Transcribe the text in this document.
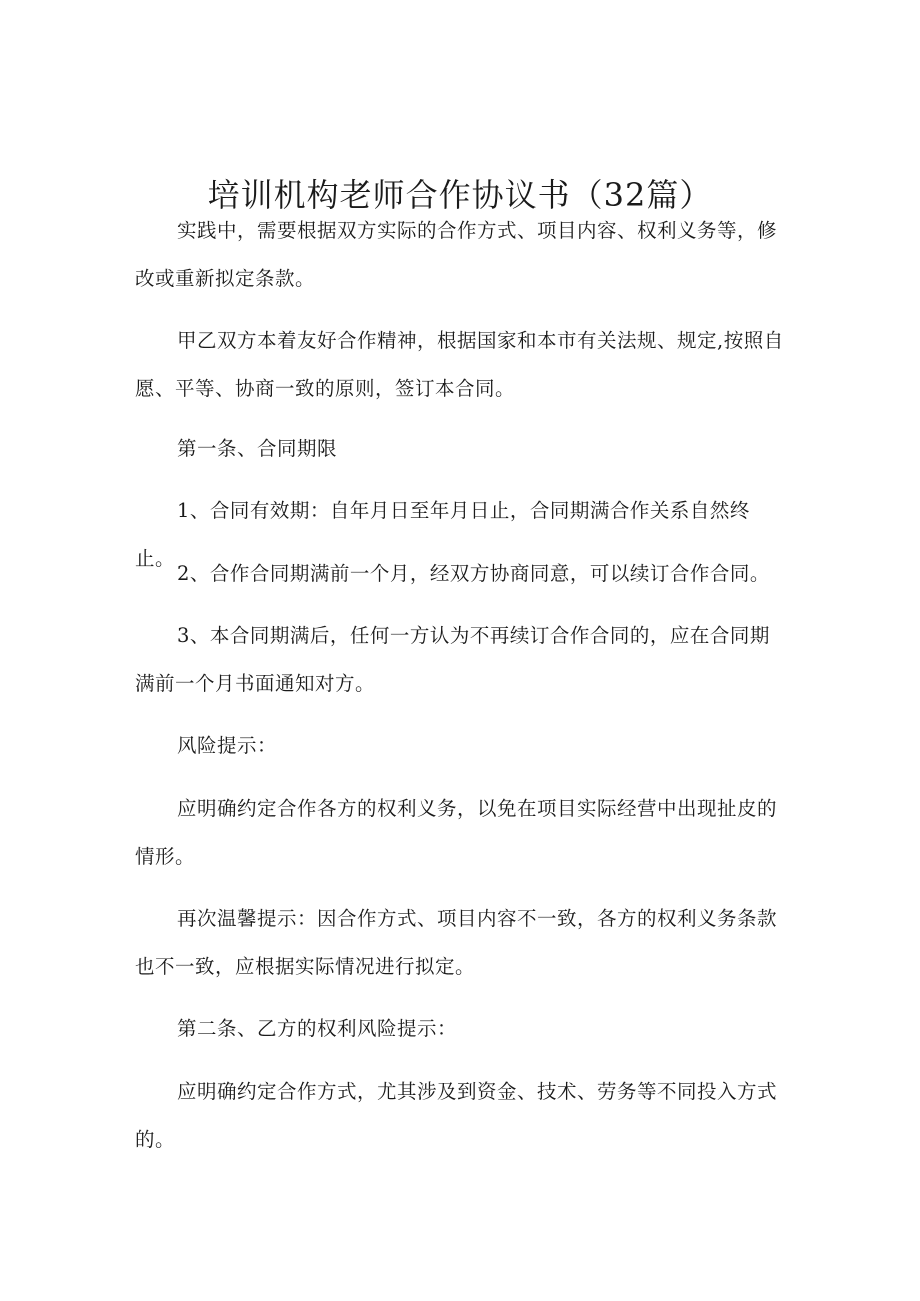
培训机构老师合作协议书（32篇）

实践中，需要根据双方实际的合作方式、项目内容、权利义务等，修改或重新拟定条款。

甲乙双方本着友好合作精神，根据国家和本市有关法规、规定,按照自愿、平等、协商一致的原则，签订本合同。

第一条、合同期限

1、合同有效期：自年月日至年月日止，合同期满合作关系自然终止。

2、合作合同期满前一个月，经双方协商同意，可以续订合作合同。

3、本合同期满后，任何一方认为不再续订合作合同的，应在合同期满前一个月书面通知对方。

风险提示：

应明确约定合作各方的权利义务，以免在项目实际经营中出现扯皮的情形。

再次温馨提示：因合作方式、项目内容不一致，各方的权利义务条款也不一致，应根据实际情况进行拟定。

第二条、乙方的权利风险提示：

应明确约定合作方式，尤其涉及到资金、技术、劳务等不同投入方式的。
